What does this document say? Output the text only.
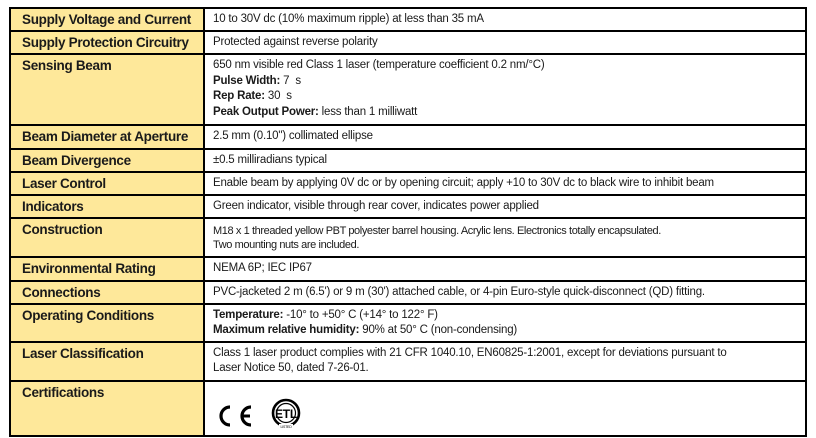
Supply Voltage and Current	10 to 30V dc (10% maximum ripple) at less than 35 mA

Supply Protection Circuitry	Protected against reverse polarity

Sensing Beam	650 nm visible red Class 1 laser (temperature coefficient 0.2 nm/°C)
Pulse Width: 7  s
Rep Rate: 30  s
Peak Output Power: less than 1 milliwatt

Beam Diameter at Aperture	2.5 mm (0.10") collimated ellipse

Beam Divergence	±0.5 milliradians typical

Laser Control	Enable beam by applying 0V dc or by opening circuit; apply +10 to 30V dc to black wire to inhibit beam

Indicators	Green indicator, visible through rear cover, indicates power applied

Construction	M18 x 1 threaded yellow PBT polyester barrel housing. Acrylic lens. Electronics totally encapsulated.
Two mounting nuts are included.

Environmental Rating	NEMA 6P; IEC IP67

Connections	PVC-jacketed 2 m (6.5') or 9 m (30') attached cable, or 4-pin Euro-style quick-disconnect (QD) fitting.

Operating Conditions	Temperature: -10° to +50° C (+14° to 122° F)
Maximum relative humidity: 90% at 50° C (non-condensing)

Laser Classification	Class 1 laser product complies with 21 CFR 1040.10, EN60825-1:2001, except for deviations pursuant to
Laser Notice 50, dated 7-26-01.

Certifications	ETL
LISTED
